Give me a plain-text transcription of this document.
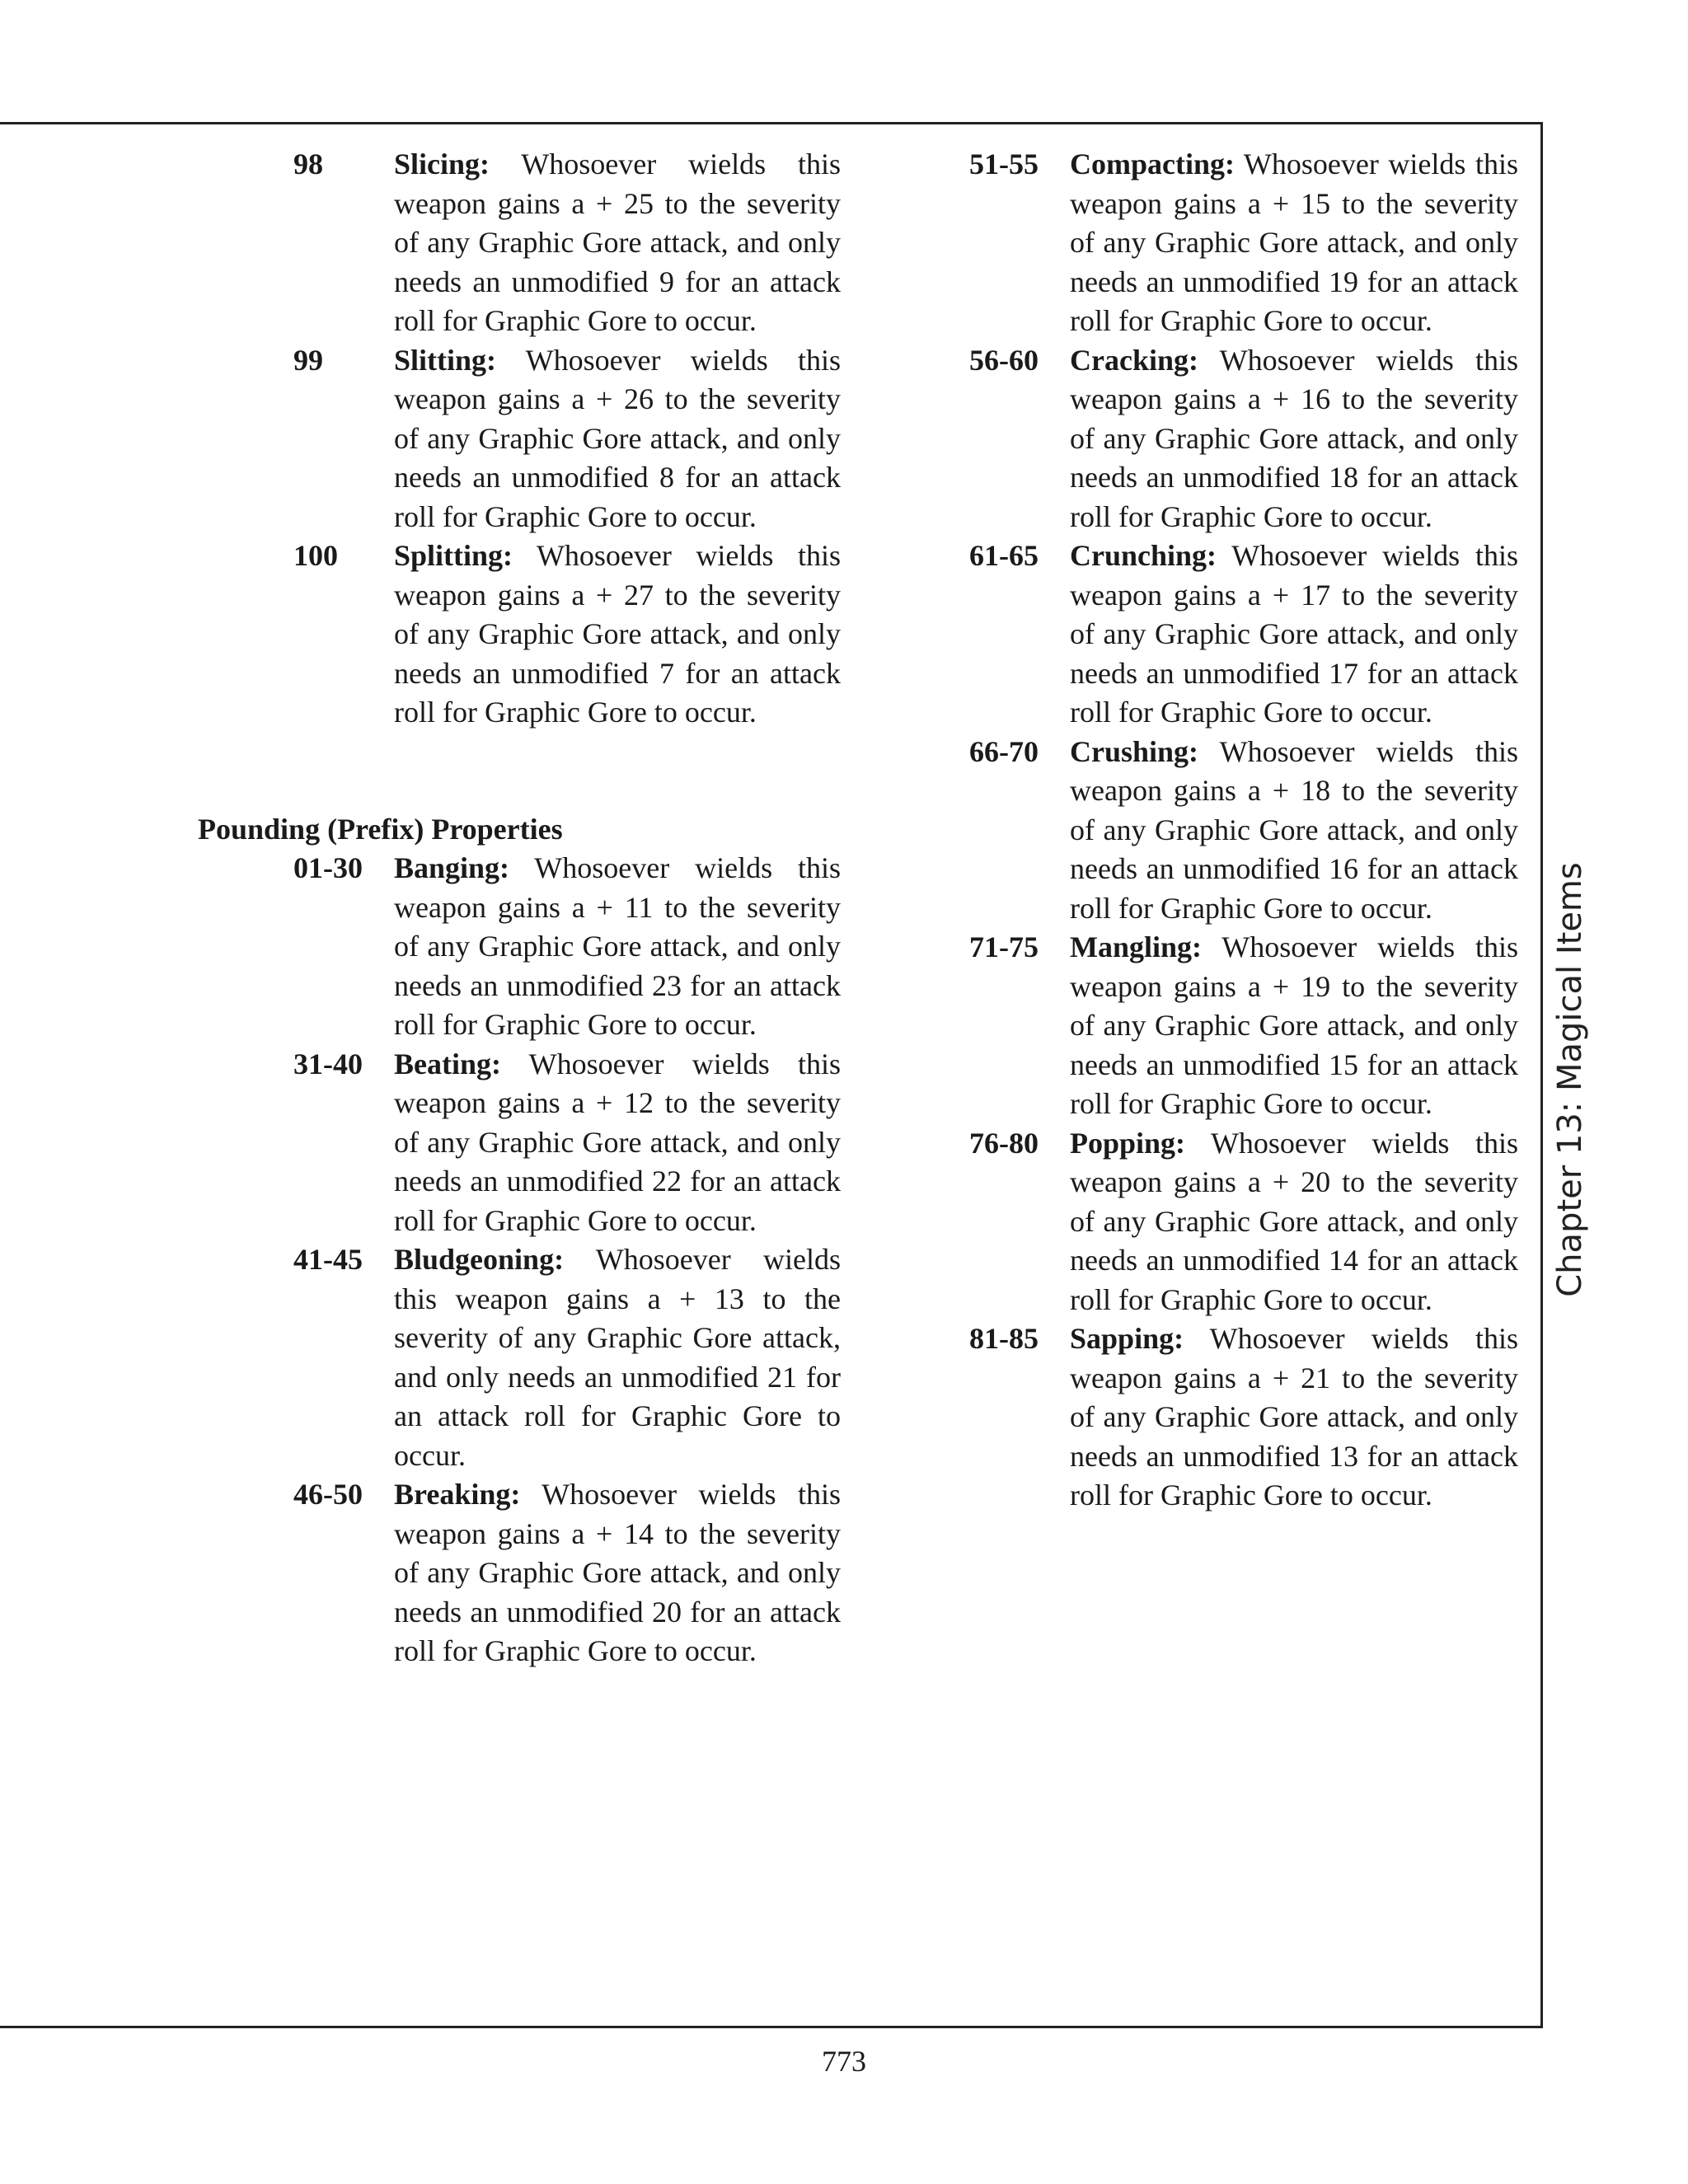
98 Slicing: Whosoever wields this weapon gains a + 25 to the severity of any Graphic Gore attack, and only needs an unmodified 9 for an attack roll for Graphic Gore to occur.
99 Slitting: Whosoever wields this weapon gains a + 26 to the severity of any Graphic Gore attack, and only needs an unmodified 8 for an attack roll for Graphic Gore to occur.
100 Splitting: Whosoever wields this weapon gains a + 27 to the severity of any Graphic Gore attack, and only needs an unmodified 7 for an attack roll for Graphic Gore to occur.
Pounding (Prefix) Properties
01-30 Banging: Whosoever wields this weapon gains a + 11 to the severity of any Graphic Gore attack, and only needs an unmodified 23 for an attack roll for Graphic Gore to occur.
31-40 Beating: Whosoever wields this weapon gains a + 12 to the severity of any Graphic Gore attack, and only needs an unmodified 22 for an attack roll for Graphic Gore to occur.
41-45 Bludgeoning: Whosoever wields this weapon gains a + 13 to the severity of any Graphic Gore attack, and only needs an unmodified 21 for an attack roll for Graphic Gore to occur.
46-50 Breaking: Whosoever wields this weapon gains a + 14 to the severity of any Graphic Gore attack, and only needs an unmodified 20 for an attack roll for Graphic Gore to occur.
51-55 Compacting: Whosoever wields this weapon gains a + 15 to the severity of any Graphic Gore attack, and only needs an unmodified 19 for an attack roll for Graphic Gore to occur.
56-60 Cracking: Whosoever wields this weapon gains a + 16 to the severity of any Graphic Gore attack, and only needs an unmodified 18 for an attack roll for Graphic Gore to occur.
61-65 Crunching: Whosoever wields this weapon gains a + 17 to the severity of any Graphic Gore attack, and only needs an unmodified 17 for an attack roll for Graphic Gore to occur.
66-70 Crushing: Whosoever wields this weapon gains a + 18 to the severity of any Graphic Gore attack, and only needs an unmodified 16 for an attack roll for Graphic Gore to occur.
71-75 Mangling: Whosoever wields this weapon gains a + 19 to the severity of any Graphic Gore attack, and only needs an unmodified 15 for an attack roll for Graphic Gore to occur.
76-80 Popping: Whosoever wields this weapon gains a + 20 to the severity of any Graphic Gore attack, and only needs an unmodified 14 for an attack roll for Graphic Gore to occur.
81-85 Sapping: Whosoever wields this weapon gains a + 21 to the severity of any Graphic Gore attack, and only needs an unmodified 13 for an attack roll for Graphic Gore to occur.
Chapter 13: Magical Items
773
